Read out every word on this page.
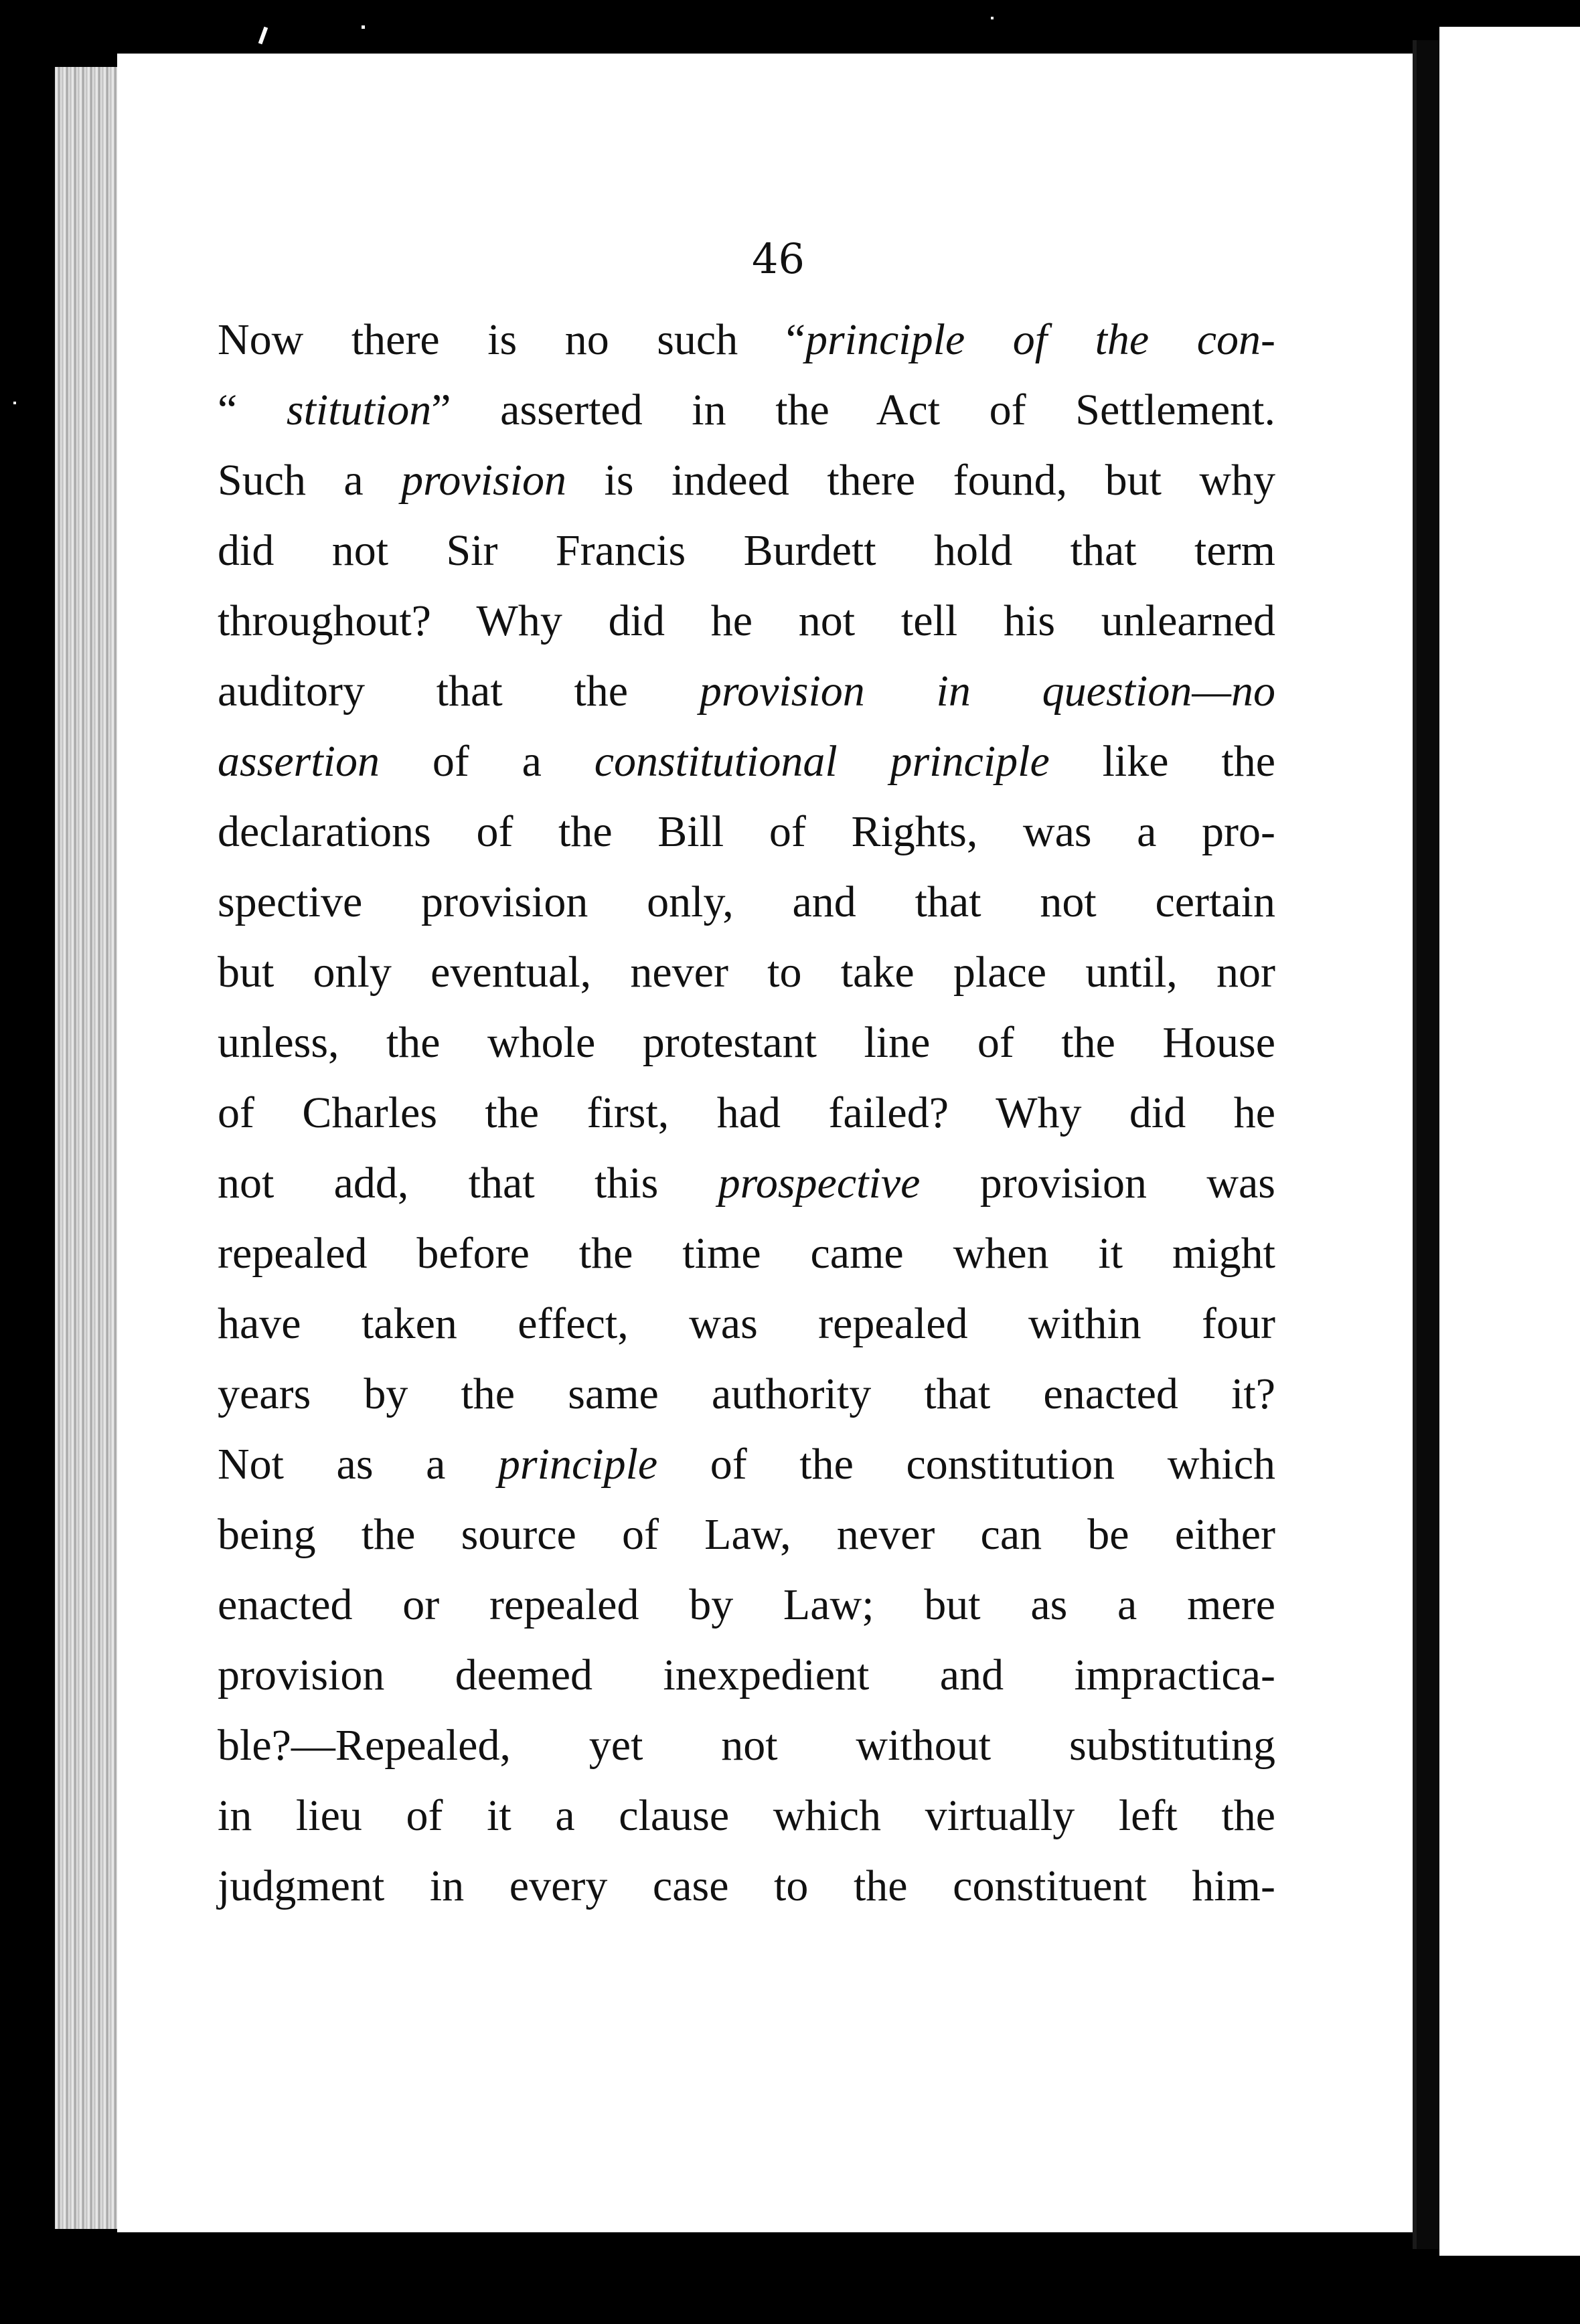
46
Now there is no such “principle of the con-
“ stitution” asserted in the Act of Settlement.
Such a provision is indeed there found, but why
did not Sir Francis Burdett hold that term
throughout? Why did he not tell his unlearned
auditory that the provision in question—no
assertion of a constitutional principle like the
declarations of the Bill of Rights, was a pro-
spective provision only, and that not certain
but only eventual, never to take place until, nor
unless, the whole protestant line of the House
of Charles the first, had failed? Why did he
not add, that this prospective provision was
repealed before the time came when it might
have taken effect, was repealed within four
years by the same authority that enacted it?
Not as a principle of the constitution which
being the source of Law, never can be either
enacted or repealed by Law; but as a mere
provision deemed inexpedient and impractica-
ble?—Repealed, yet not without substituting
in lieu of it a clause which virtually left the
judgment in every case to the constituent him-
